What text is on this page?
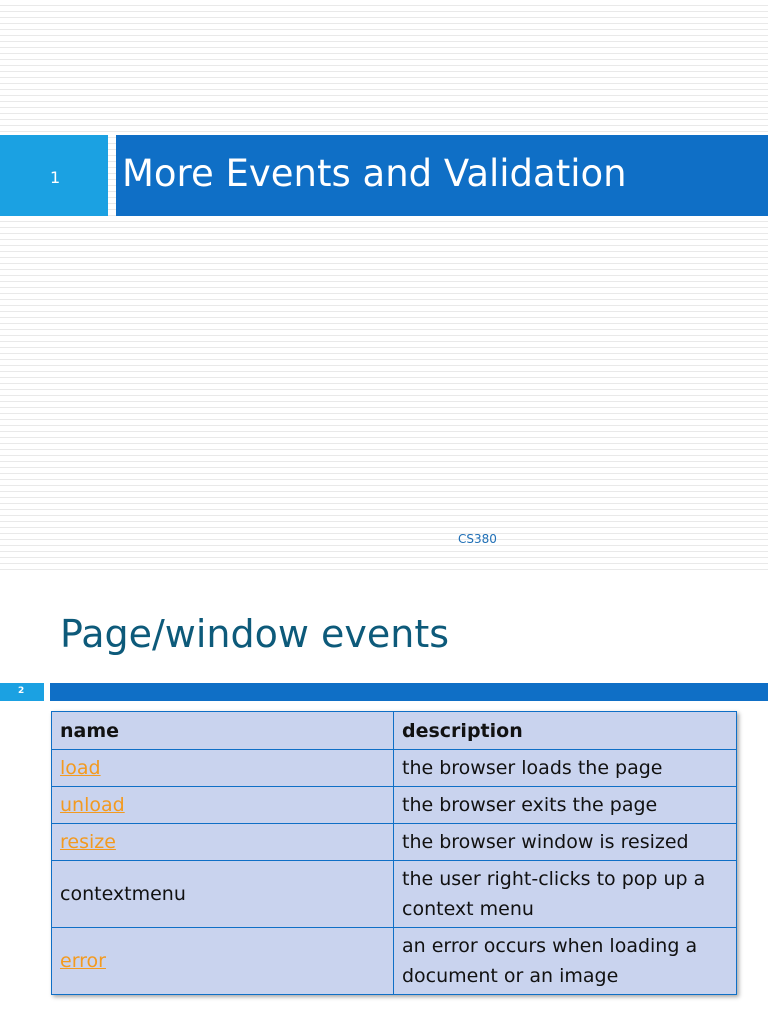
1 More Events and Validation
CS380
Page/window events
2
name	description
load	the browser loads the page
unload	the browser exits the page
resize	the browser window is resized
contextmenu	the user right-clicks to pop up a context menu
error	an error occurs when loading a document or an image
